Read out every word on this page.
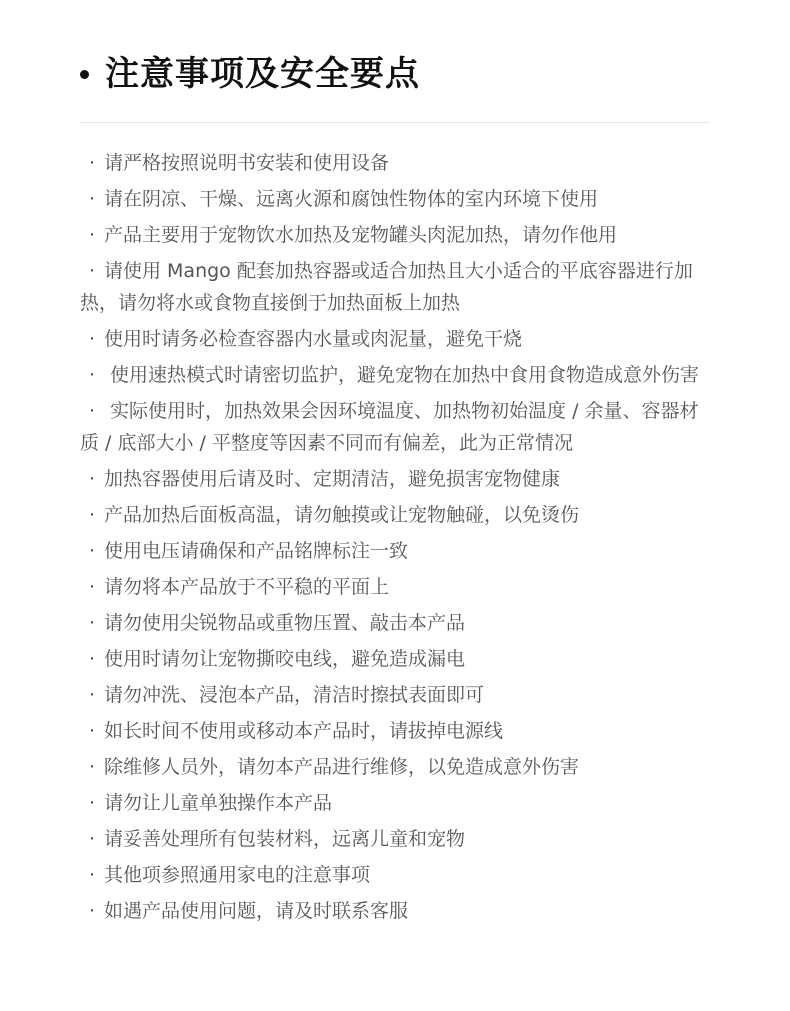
注意事项及安全要点
· 请严格按照说明书安装和使用设备
· 请在阴凉、干燥、远离火源和腐蚀性物体的室内环境下使用
· 产品主要用于宠物饮水加热及宠物罐头肉泥加热，请勿作他用
· 请使用 Mango 配套加热容器或适合加热且大小适合的平底容器进行加热，请勿将水或食物直接倒于加热面板上加热
· 使用时请务必检查容器内水量或肉泥量，避免干烧
· 使用速热模式时请密切监护，避免宠物在加热中食用食物造成意外伤害
· 实际使用时，加热效果会因环境温度、加热物初始温度 / 余量、容器材质 / 底部大小 / 平整度等因素不同而有偏差，此为正常情况
· 加热容器使用后请及时、定期清洁，避免损害宠物健康
· 产品加热后面板高温，请勿触摸或让宠物触碰，以免烫伤
· 使用电压请确保和产品铭牌标注一致
· 请勿将本产品放于不平稳的平面上
· 请勿使用尖锐物品或重物压置、敲击本产品
· 使用时请勿让宠物撕咬电线，避免造成漏电
· 请勿冲洗、浸泡本产品，清洁时擦拭表面即可
· 如长时间不使用或移动本产品时，请拔掉电源线
· 除维修人员外，请勿本产品进行维修，以免造成意外伤害
· 请勿让儿童单独操作本产品
· 请妥善处理所有包装材料，远离儿童和宠物
· 其他项参照通用家电的注意事项
· 如遇产品使用问题，请及时联系客服
